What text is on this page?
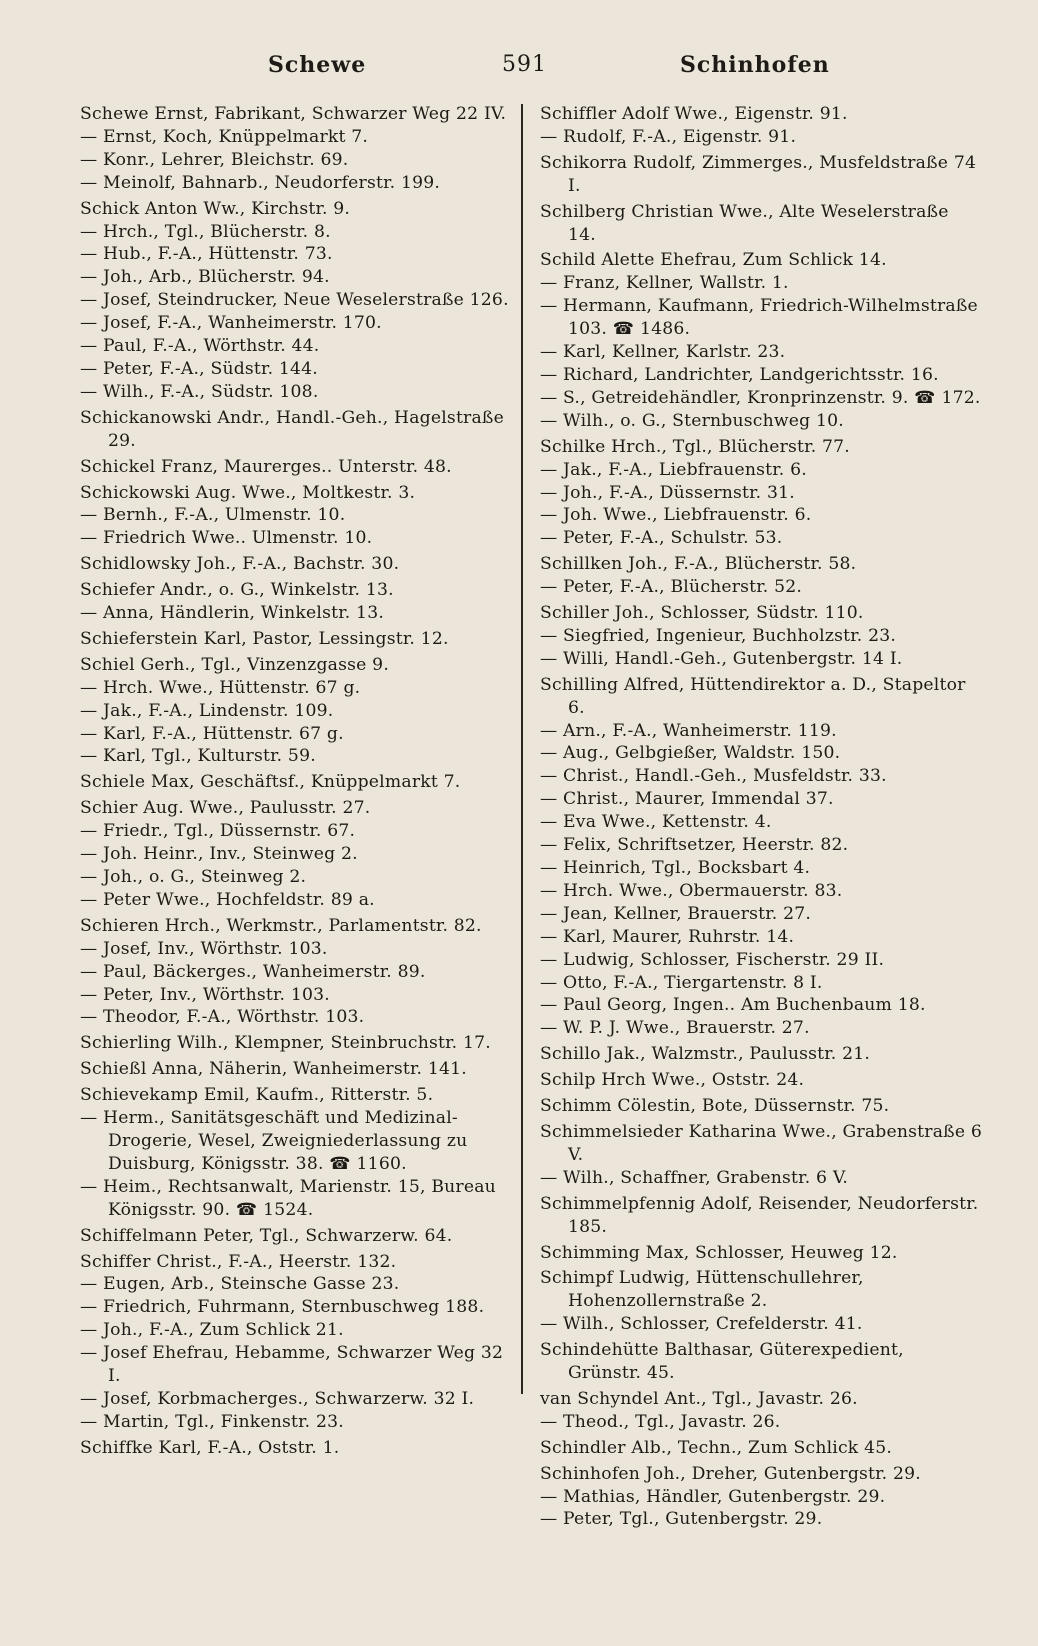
Schewe	591	Schinhofen
Schewe Ernst, Fabrikant, Schwarzer Weg 22 IV.
— Ernst, Koch, Knüppelmarkt 7.
— Konr., Lehrer, Bleichstr. 69.
— Meinolf, Bahnarb., Neudorferstr. 199.
Schick Anton Ww., Kirchstr. 9.
— Hrch., Tgl., Blücherstr. 8.
— Hub., F.-A., Hüttenstr. 73.
— Joh., Arb., Blücherstr. 94.
— Josef, Steindrucker, Neue Weselerstraße 126.
— Josef, F.-A., Wanheimerstr. 170.
— Paul, F.-A., Wörthstr. 44.
— Peter, F.-A., Südstr. 144.
— Wilh., F.-A., Südstr. 108.
Schickanowski Andr., Handl.-Geh., Hagelstraße 29.
Schickel Franz, Maurerges.. Unterstr. 48.
Schickowski Aug. Wwe., Moltkestr. 3.
— Bernh., F.-A., Ulmenstr. 10.
— Friedrich Wwe.. Ulmenstr. 10.
Schidlowsky Joh., F.-A., Bachstr. 30.
Schiefer Andr., o. G., Winkelstr. 13.
— Anna, Händlerin, Winkelstr. 13.
Schieferstein Karl, Pastor, Lessingstr. 12.
Schiel Gerh., Tgl., Vinzenzgasse 9.
— Hrch. Wwe., Hüttenstr. 67 g.
— Jak., F.-A., Lindenstr. 109.
— Karl, F.-A., Hüttenstr. 67 g.
— Karl, Tgl., Kulturstr. 59.
Schiele Max, Geschäftsf., Knüppelmarkt 7.
Schier Aug. Wwe., Paulusstr. 27.
— Friedr., Tgl., Düssernstr. 67.
— Joh. Heinr., Inv., Steinweg 2.
— Joh., o. G., Steinweg 2.
— Peter Wwe., Hochfeldstr. 89 a.
Schieren Hrch., Werkmstr., Parlamentstr. 82.
— Josef, Inv., Wörthstr. 103.
— Paul, Bäckerges., Wanheimerstr. 89.
— Peter, Inv., Wörthstr. 103.
— Theodor, F.-A., Wörthstr. 103.
Schierling Wilh., Klempner, Steinbruchstr. 17.
Schießl Anna, Näherin, Wanheimerstr. 141.
Schievekamp Emil, Kaufm., Ritterstr. 5.
— Herm., Sanitätsgeschäft und Medizinal-Drogerie, Wesel, Zweigniederlassung zu Duisburg, Königsstr. 38. ☎ 1160.
— Heim., Rechtsanwalt, Marienstr. 15, Bureau Königsstr. 90. ☎ 1524.
Schiffelmann Peter, Tgl., Schwarzerw. 64.
Schiffer Christ., F.-A., Heerstr. 132.
— Eugen, Arb., Steinsche Gasse 23.
— Friedrich, Fuhrmann, Sternbuschweg 188.
— Joh., F.-A., Zum Schlick 21.
— Josef Ehefrau, Hebamme, Schwarzer Weg 32 I.
— Josef, Korbmacherges., Schwarzerw. 32 I.
— Martin, Tgl., Finkenstr. 23.
Schiffke Karl, F.-A., Oststr. 1.
Schiffler Adolf Wwe., Eigenstr. 91.
— Rudolf, F.-A., Eigenstr. 91.
Schikorra Rudolf, Zimmerges., Musfeldstraße 74 I.
Schilberg Christian Wwe., Alte Weselerstraße 14.
Schild Alette Ehefrau, Zum Schlick 14.
— Franz, Kellner, Wallstr. 1.
— Hermann, Kaufmann, Friedrich-Wilhelmstraße 103. ☎ 1486.
— Karl, Kellner, Karlstr. 23.
— Richard, Landrichter, Landgerichtsstr. 16.
— S., Getreidehändler, Kronprinzenstr. 9. ☎ 172.
— Wilh., o. G., Sternbuschweg 10.
Schilke Hrch., Tgl., Blücherstr. 77.
— Jak., F.-A., Liebfrauenstr. 6.
— Joh., F.-A., Düssernstr. 31.
— Joh. Wwe., Liebfrauenstr. 6.
— Peter, F.-A., Schulstr. 53.
Schillken Joh., F.-A., Blücherstr. 58.
— Peter, F.-A., Blücherstr. 52.
Schiller Joh., Schlosser, Südstr. 110.
— Siegfried, Ingenieur, Buchholzstr. 23.
— Willi, Handl.-Geh., Gutenbergstr. 14 I.
Schilling Alfred, Hüttendirektor a. D., Stapeltor 6.
— Arn., F.-A., Wanheimerstr. 119.
— Aug., Gelbgießer, Waldstr. 150.
— Christ., Handl.-Geh., Musfeldstr. 33.
— Christ., Maurer, Immendal 37.
— Eva Wwe., Kettenstr. 4.
— Felix, Schriftsetzer, Heerstr. 82.
— Heinrich, Tgl., Bocksbart 4.
— Hrch. Wwe., Obermauerstr. 83.
— Jean, Kellner, Brauerstr. 27.
— Karl, Maurer, Ruhrstr. 14.
— Ludwig, Schlosser, Fischerstr. 29 II.
— Otto, F.-A., Tiergartenstr. 8 I.
— Paul Georg, Ingen.. Am Buchenbaum 18.
— W. P. J. Wwe., Brauerstr. 27.
Schillo Jak., Walzmstr., Paulusstr. 21.
Schilp Hrch Wwe., Oststr. 24.
Schimm Cölestin, Bote, Düssernstr. 75.
Schimmelsieder Katharina Wwe., Grabenstraße 6 V.
— Wilh., Schaffner, Grabenstr. 6 V.
Schimmelpfennig Adolf, Reisender, Neudorferstr. 185.
Schimming Max, Schlosser, Heuweg 12.
Schimpf Ludwig, Hüttenschullehrer, Hohenzollernstraße 2.
— Wilh., Schlosser, Crefelderstr. 41.
Schindehütte Balthasar, Güterexpedient, Grünstr. 45.
van Schyndel Ant., Tgl., Javastr. 26.
— Theod., Tgl., Javastr. 26.
Schindler Alb., Techn., Zum Schlick 45.
Schinhofen Joh., Dreher, Gutenbergstr. 29.
— Mathias, Händler, Gutenbergstr. 29.
— Peter, Tgl., Gutenbergstr. 29.
